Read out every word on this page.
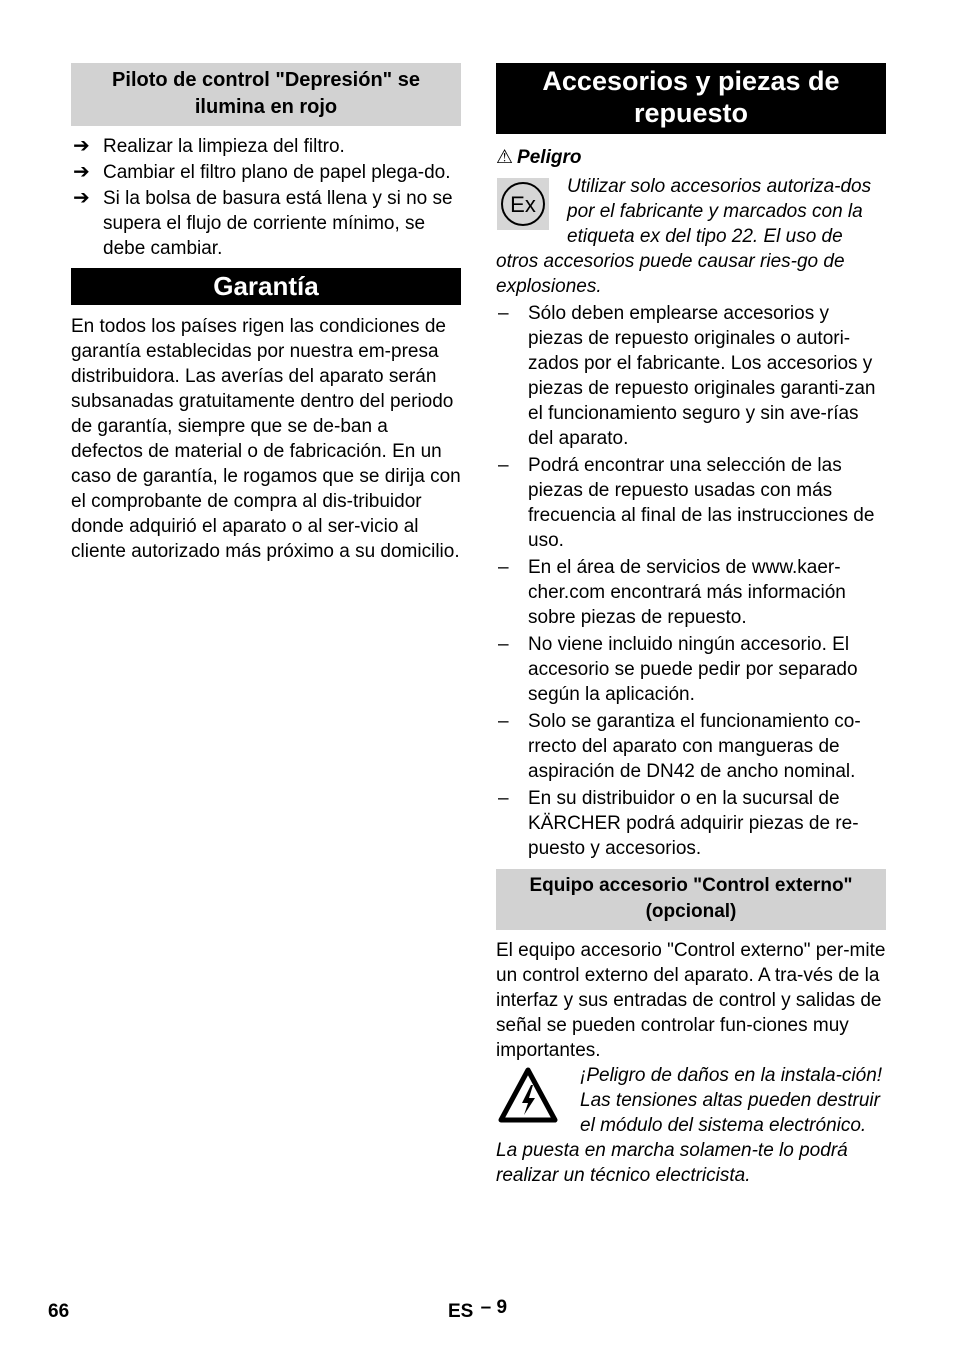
Piloto de control "Depresión" se ilumina en rojo
➔ Realizar la limpieza del filtro.
➔ Cambiar el filtro plano de papel plega-do.
➔ Si la bolsa de basura está llena y si no se supera el flujo de corriente mínimo, se debe cambiar.
Garantía

En todos los países rigen las condiciones de garantía establecidas por nuestra em-presa distribuidora. Las averías del aparato serán subsanadas gratuitamente dentro del periodo de garantía, siempre que se de-ban a defectos de material o de fabricación. En un caso de garantía, le rogamos que se dirija con el comprobante de compra al dis-tribuidor donde adquirió el aparato o al ser-vicio al cliente autorizado más próximo a su domicilio.

Accesorios y piezas de repuesto
⚠ Peligro
Ex
Utilizar solo accesorios autoriza-dos por el fabricante y marcados con la etiqueta ex del tipo 22. El uso de otros accesorios puede causar ries-go de explosiones.
– Sólo deben emplearse accesorios y piezas de repuesto originales o autori-zados por el fabricante. Los accesorios y piezas de repuesto originales garanti-zan el funcionamiento seguro y sin ave-rías del aparato.
– Podrá encontrar una selección de las piezas de repuesto usadas con más frecuencia al final de las instrucciones de uso.
– En el área de servicios de www.kaer-cher.com encontrará más información sobre piezas de repuesto.
– No viene incluido ningún accesorio. El accesorio se puede pedir por separado según la aplicación.
– Solo se garantiza el funcionamiento co-rrecto del aparato con mangueras de aspiración de DN42 de ancho nominal.
– En su distribuidor o en la sucursal de KÄRCHER podrá adquirir piezas de re-puesto y accesorios.
Equipo accesorio "Control externo" (opcional)

El equipo accesorio "Control externo" per-mite un control externo del aparato. A tra-vés de la interfaz y sus entradas de control y salidas de señal se pueden controlar fun-ciones muy importantes.

¡Peligro de daños en la instala-ción! Las tensiones altas pueden destruir el módulo del sistema electrónico. La puesta en marcha solamen-te lo podrá realizar un técnico electricista.
66	ES – 9
